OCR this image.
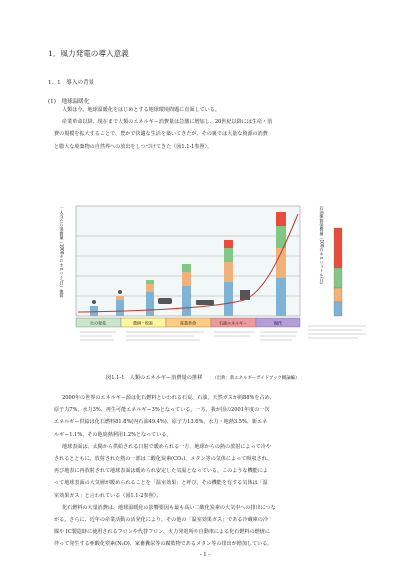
1．風力発電の導入意義
1．1　導入の背景
(1)　地球温暖化

人類は今、地球温暖化をはじめとする地球環境問題に直面している。

産業革命以降、現在まで人類のエネルギー消費量は急激に増加し、20世紀以降には生産・消

費の規模を拡大することで、豊かで快適な生活を築いてきたが、その裏では大量な資源の消費

と膨大な廃棄物の自然界への放出をしつづけてきた（図1.1-1参照）。

一人当たり消費量（1000キロカロリー/日）換算
火の発見	農耕・牧畜	産業革命	石油エネルギー	現代
石油換算消費量（100万キロリットル/日）
図1.1-1　人類のエネルギー消費量の推移 （出典：新エネルギーガイドブック概論編）

2000年の世界のエネルギー源は化石燃料といわれる石炭、石油、天然ガスが約88%を占め、

原子力7%、水力3%、再生可能エネルギー3%となっている。一方、我が国の2001年度の一次

エネルギー供給は化石燃料81.8%(内石油49.4%)、原子力13.6%、水力・地熱3.5%、新エネ

ルギー1.1%、その他廃熱利用1.2%となっている。

地球表面は、太陽から供給される日射で暖められる一方、地球からの熱の放射によって冷や

されるとともに、放射された熱の一部は二酸化炭素(CO₂)、メタン等の気体によって吸収され、

再び地表に再放射されて地球表面は暖められ安定した気温となっている。このような機能によ

って地球表面の大気層が暖められることを「温室効果」と呼び、その機能を有する気体は「温

室効果ガス」と言われている（図1.1-2参照）。

化石燃料の大量消費は、地球温暖化の影響要因も最も高い二酸化炭素の大気中への排出につな

がる。さらに、近年の産業活動の活発化により、その他の「温室効果ガス」である冷蔵庫の冷

媒や IC製造時に使用されるフロンや代替フロン、火力発電所や自動車による化石燃料の燃焼に

伴って発生する亜酸化窒素(N₂O)、家畜糞尿等の腐敗物であるメタン等の排出が増加している。

- 1 -
